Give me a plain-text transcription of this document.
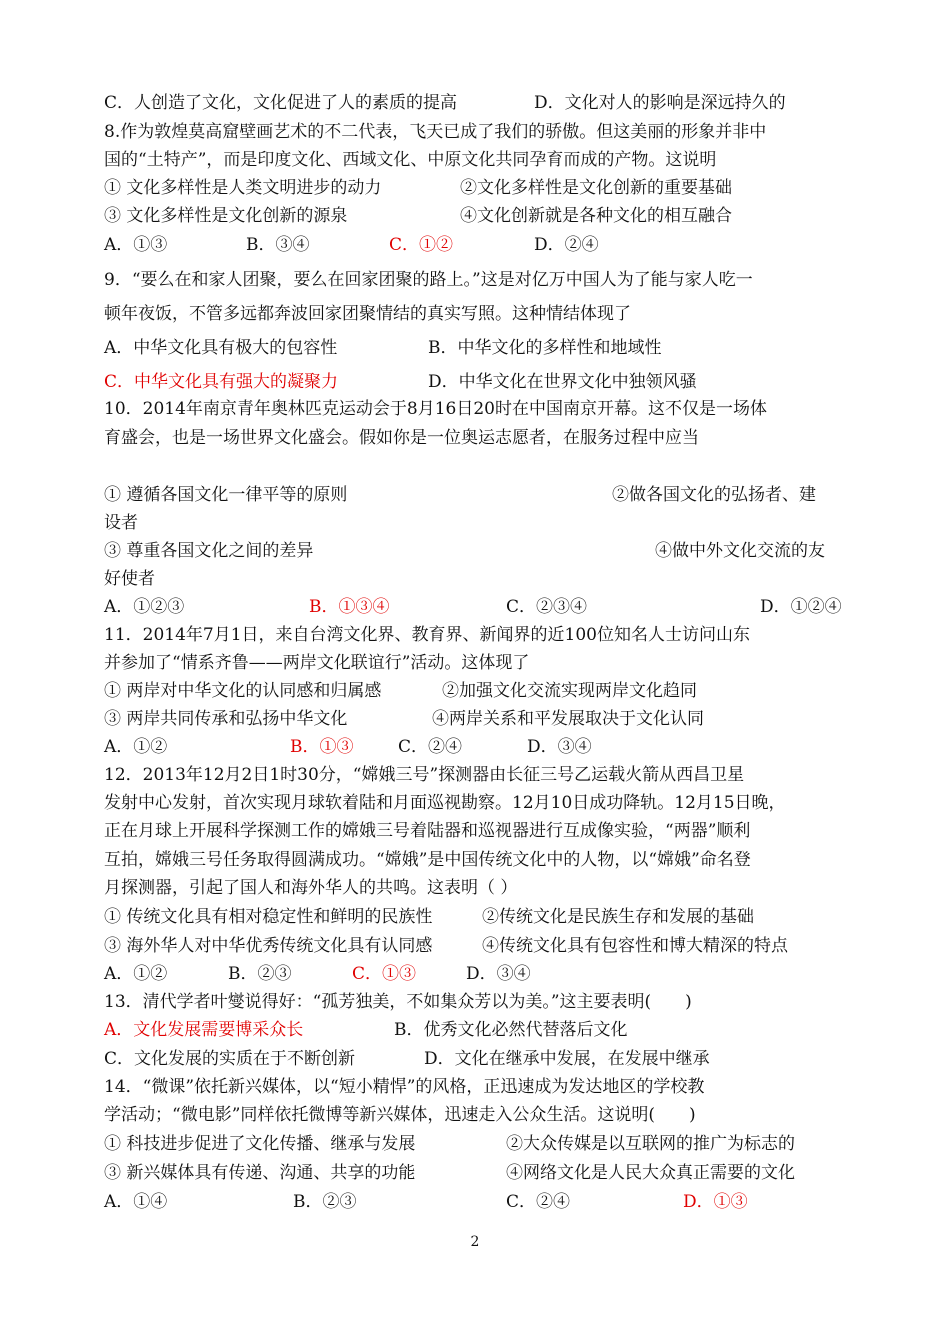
C．人创造了文化，文化促进了人的素质的提高	D．文化对人的影响是深远持久的
8.作为敦煌莫高窟壁画艺术的不二代表，飞天已成了我们的骄傲。但这美丽的形象并非中
国的“土特产”，而是印度文化、西域文化、中原文化共同孕育而成的产物。这说明
① 文化多样性是人类文明进步的动力	②文化多样性是文化创新的重要基础
③ 文化多样性是文化创新的源泉	④文化创新就是各种文化的相互融合
A．①③	B．③④	C．①②	D．②④
9．“要么在和家人团聚，要么在回家团聚的路上。”这是对亿万中国人为了能与家人吃一
顿年夜饭，不管多远都奔波回家团聚情结的真实写照。这种情结体现了
A．中华文化具有极大的包容性	B．中华文化的多样性和地域性
C．中华文化具有强大的凝聚力	D．中华文化在世界文化中独领风骚
10．2014年南京青年奥林匹克运动会于8月16日20时在中国南京开幕。这不仅是一场体
育盛会，也是一场世界文化盛会。假如你是一位奥运志愿者，在服务过程中应当
① 遵循各国文化一律平等的原则	②做各国文化的弘扬者、建
设者
③ 尊重各国文化之间的差异	④做中外文化交流的友
好使者
A．①②③	B．①③④	C．②③④	D．①②④
11．2014年7月1日，来自台湾文化界、教育界、新闻界的近100位知名人士访问山东
并参加了“情系齐鲁——两岸文化联谊行”活动。这体现了
① 两岸对中华文化的认同感和归属感	②加强文化交流实现两岸文化趋同
③ 两岸共同传承和弘扬中华文化	④两岸关系和平发展取决于文化认同
A．①②	B．①③	C．②④	D．③④
12．2013年12月2日1时30分，“嫦娥三号”探测器由长征三号乙运载火箭从西昌卫星
发射中心发射，首次实现月球软着陆和月面巡视勘察。12月10日成功降轨。12月15日晚，
正在月球上开展科学探测工作的嫦娥三号着陆器和巡视器进行互成像实验，“两器”顺利
互拍，嫦娥三号任务取得圆满成功。“嫦娥”是中国传统文化中的人物，以“嫦娥”命名登
月探测器，引起了国人和海外华人的共鸣。这表明（ ）
① 传统文化具有相对稳定性和鲜明的民族性	②传统文化是民族生存和发展的基础
③ 海外华人对中华优秀传统文化具有认同感	④传统文化具有包容性和博大精深的特点
A．①②	B．②③	C．①③	D．③④
13．清代学者叶燮说得好：“孤芳独美，不如集众芳以为美。”这主要表明(　　)
A．文化发展需要博采众长	B．优秀文化必然代替落后文化
C．文化发展的实质在于不断创新	D．文化在继承中发展，在发展中继承
14．“微课”依托新兴媒体，以“短小精悍”的风格，正迅速成为发达地区的学校教
学活动；“微电影”同样依托微博等新兴媒体，迅速走入公众生活。这说明(　　)
① 科技进步促进了文化传播、继承与发展	②大众传媒是以互联网的推广为标志的
③ 新兴媒体具有传递、沟通、共享的功能	④网络文化是人民大众真正需要的文化
A．①④	B．②③	C．②④	D．①③
2
